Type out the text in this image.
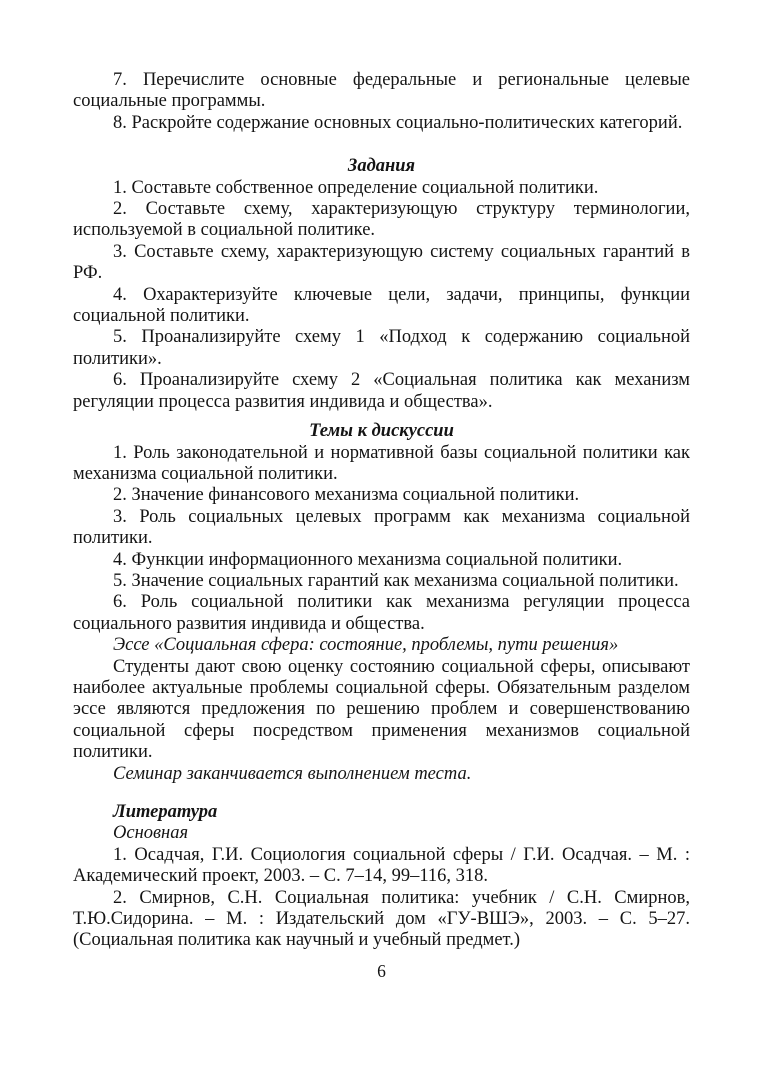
7. Перечислите основные федеральные и региональные целевые социальные программы.

8. Раскройте содержание основных социально-политических категорий.

Задания

1. Составьте собственное определение социальной политики.

2. Составьте схему, характеризующую структуру терминологии, используемой в социальной политике.

3. Составьте схему, характеризующую систему социальных гарантий в РФ.

4. Охарактеризуйте ключевые цели, задачи, принципы, функции социальной политики.

5. Проанализируйте схему 1 «Подход к содержанию социальной политики».

6. Проанализируйте схему 2 «Социальная политика как механизм регуляции процесса развития индивида и общества».

Темы к дискуссии

1. Роль законодательной и нормативной базы социальной политики как механизма социальной политики.

2. Значение финансового механизма социальной политики.

3. Роль социальных целевых программ как механизма социальной политики.

4. Функции информационного механизма социальной политики.

5. Значение социальных гарантий как механизма социальной политики.

6. Роль социальной политики как механизма регуляции процесса социального развития индивида и общества.

Эссе «Социальная сфера: состояние, проблемы, пути решения»

Студенты дают свою оценку состоянию социальной сферы, описывают наиболее актуальные проблемы социальной сферы. Обязательным разделом эссе являются предложения по решению проблем и совершенствованию социальной сферы посредством применения механизмов социальной политики.

Семинар заканчивается выполнением теста.

Литература

Основная

1. Осадчая, Г.И. Социология социальной сферы / Г.И. Осадчая. – М. : Академический проект, 2003. – С. 7–14, 99–116, 318.

2. Смирнов, С.Н. Социальная политика: учебник / С.Н. Смирнов, Т.Ю.Сидорина. – М. : Издательский дом «ГУ-ВШЭ», 2003. – С. 5–27. (Социальная политика как научный и учебный предмет.)

6
